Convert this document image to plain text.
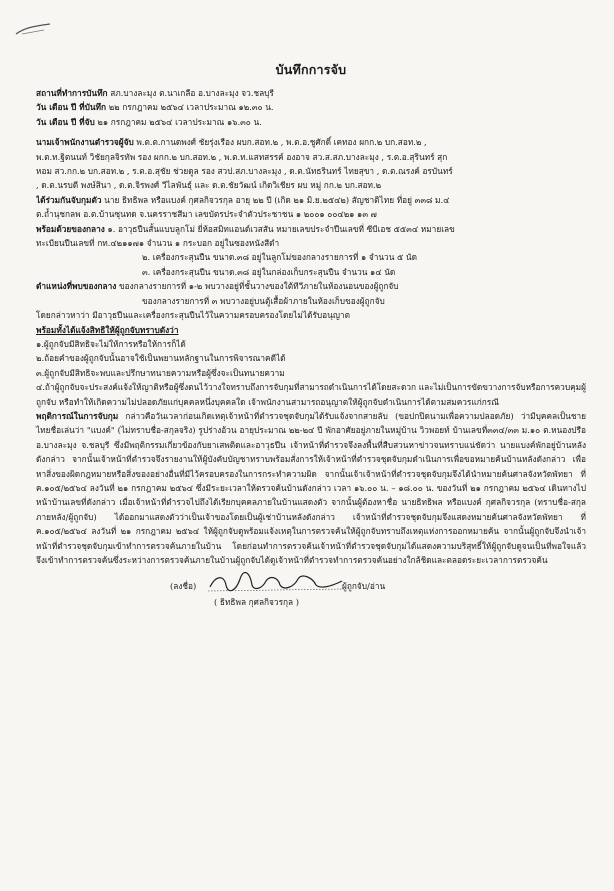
บันทึกการจับ
สถานที่ทำการบันทึก สภ.บางละมุง ต.นาเกลือ อ.บางละมุง จว.ชลบุรี
วัน เดือน ปี ที่บันทึก ๒๒ กรกฎาคม ๒๕๖๔ เวลาประมาณ ๑๒.๓๐ น.
วัน เดือน ปี ที่จับ ๒๑ กรกฎาคม ๒๕๖๔ เวลาประมาณ ๑๖.๓๐ น.
นามเจ้าพนักงานตำรวจผู้จับ พ.ต.ต.กานดพงศ์ ชัยรุ่งเรือง ผบก.สอท.๒ , พ.ต.อ.ชูศักดิ์ เคทอง ผกก.๒ บก.สอท.๒ ,
พ.ต.ท.ฐิตนนท์ วิชัยกุลจิรทัพ รอง ผกก.๒ บก.สอท.๒ , พ.ต.ท.แสทสรรค์ องอาจ สว.ส.สภ.บางละมุง , ร.ต.อ.สุรินทร์ สุก
หอม สว.กก.๒ บก.สอท.๒ , ร.ต.อ.สุชัย ช่วยดูล รอง สวป.สภ.บางละมุง , ด.ต.นัทธรินทร์ ไทยสุขา , ด.ต.ณรงค์ อรบันทร์
, ด.ต.นรบดี พงษ์สินา , ด.ต.จิรพงศ์ วีไลพันธุ์ และ ด.ต.ชัยวัฒน์ เกิดวิเชียร ผบ หมู่ กก.๒ บก.สอท.๒
ได้ร่วมกันจับกุมตัว นาย ธิทธิพล หรือแบงค์ กุศลกิจวรกุล อายุ ๒๒ ปี (เกิด ๒๑ มิ.ย.๒๕๔๒) สัญชาติไทย ที่อยู่ ๓๓๘ ม.๔
ต.ถ้ำนุชกลพ อ.ต.บ้านซุนทด จ.นครราชสีมา เลขบัตรประจำตัวประชาชน ๑ ๒๐๐๑ ๐๐๔๒๑ ๑๓ ๗
พร้อมด้วยของกลาง ๑. อาวุธปืนสั้นแบบลูกโม่ ยี่ห้อสมิทแอนด์เวสสัน หมายเลขประจำปืนเลขที่ ซีบีเอช ๕๕๓๔ หมายเลข
ทะเบียนปืนเลขที่ กท.๔๒๑๑๗๑ จำนวน ๑ กระบอก อยู่ในซองหนังสีดำ
๒. เครื่องกระสุนปืน ขนาด.๓๘ อยู่ในลูกโม่ของกลางรายการที่ ๑ จำนวน ๕ นัด
๓. เครื่องกระสุนปืน ขนาด.๓๘ อยู่ในกล่องเก็บกระสุนปืน จำนวน ๑๔ นัด
ตำแหน่งที่พบของกลาง ของกลางรายการที่ ๑-๒ พบวางอยู่ที่ชั้นวางของใต้ทีวีภายในห้องนอนของผู้ถูกจับ
ของกลางรายการที่ ๓ พบวางอยู่บนตู้เสื้อผ้าภายในห้องเก็บของผู้ถูกจับ
โดยกล่าวหาว่า มีอาวุธปืนและเครื่องกระสุนปืนไว้ในความครอบครองโดยไม่ได้รับอนุญาต
พร้อมทั้งได้แจ้งสิทธิให้ผู้ถูกจับทราบดังว่า
๑.ผู้ถูกจับมีสิทธิจะไม่ให้การหรือให้การก็ได้
๒.ถ้อยคำของผู้ถูกจับนั้นอาจใช้เป็นพยานหลักฐานในการพิจารณาคดีได้
๓.ผู้ถูกจับมีสิทธิจะพบและปรึกษาทนายความหรือผู้ซึ่งจะเป็นทนายความ
๔.ถ้าผู้ถูกจับจะประสงค์แจ้งให้ญาติหรือผู้ซึ่งตนไว้วางใจทราบถึงการจับกุมที่สามารถดำเนินการได้โดยสะดวก และไม่เป็นการขัดขวางการจับหรือการควบคุมผู้ถูกจับ หรือทำให้เกิดความไม่ปลอดภัยแก่บุคคลหนึ่งบุคคลใด เจ้าพนักงานสามารถอนุญาตให้ผู้ถูกจับดำเนินการได้ตามสมควรแก่กรณี
พฤติการณ์ในการจับกุม กล่าวคือวันเวลาก่อนเกิดเหตุเจ้าหน้าที่ตำรวจชุดจับกุมได้รับแจ้งจากสายลับ (ขอปกปิดนามเพื่อความปลอดภัย) ว่ามีบุคคลเป็นชายไทยชื่อเล่นว่า "แบงค์" (ไม่ทราบชื่อ-สกุลจริง) รูปร่างอ้วน อายุประมาณ ๒๒-๒๔ ปี พักอาศัยอยู่ภายในหมู่บ้าน วิวพอยท์ บ้านเลขที่๓๓๔/๓๓ ม.๑๐ ต.หนองปรือ อ.บางละมุง จ.ชลบุรี ซึ่งมีพฤติกรรมเกี่ยวข้องกับยาเสพติดและอาวุธปืน เจ้าหน้าที่ตำรวจจึงลงพื้นที่สืบสวนหาข่าวจนทราบแน่ชัดว่า นายแบงค์พักอยู่บ้านหลังดังกล่าว จากนั้นเจ้าหน้าที่ตำรวจจึงรายงานให้ผู้บังคับบัญชาทราบพร้อมสั่งการให้เจ้าหน้าที่ตำรวจชุดจับกุมดำเนินการเพื่อขอหมายค้นบ้านหลังดังกล่าว เพื่อหาสิ่งของผิดกฎหมายหรือสิ่งของอย่างอื่นที่มีไว้ครอบครองในการกระทำความผิด จากนั้นเจ้าเจ้าหน้าที่ตำรวจชุดจับกุมจึงได้นำหมายค้นศาลจังหวัดพัทยา ที่ ค.๑๐๕/๒๕๖๔ ลงวันที่ ๒๑ กรกฎาคม ๒๕๖๔ ซึ่งมีระยะเวลาให้ตรวจค้นบ้านดังกล่าว เวลา ๑๖.๐๐ น. – ๑๘.๐๐ น. ของวันที่ ๒๑ กรกฎาคม ๒๕๖๔ เดินทางไปหน้าบ้านเลขที่ดังกล่าว เมื่อเจ้าหน้าที่ตำรวจไปถึงได้เรียกบุคคลภายในบ้านแสดงตัว จากนั้นผู้ต้องหาชื่อ นายธิทธิพล หรือแบงค์ กุศลกิจวรกุล (ทราบชื่อ-สกุลภายหลัง/ผู้ถูกจับ) ได้ออกมาแสดงตัวว่าเป็นเจ้าของโดยเป็นผู้เช่าบ้านหลังดังกล่าว เจ้าหน้าที่ตำรวจชุดจับกุมจึงแสดงหมายค้นศาลจังหวัดพัทยา ที่ ค.๑๐๕/๒๕๖๔ ลงวันที่ ๒๑ กรกฎาคม ๒๕๖๔ ให้ผู้ถูกจับดูพร้อมแจ้งเหตุในการตรวจค้นให้ผู้ถูกจับทราบถึงเหตุแห่งการออกหมายค้น จากนั้นผู้ถูกจับจึงนำเจ้าหน้าที่ตำรวจชุดจับกุมเข้าทำการตรวจค้นภายในบ้าน โดยก่อนทำการตรวจค้นเจ้าหน้าที่ตำรวจชุดจับกุมได้แสดงความบริสุทธิ์ให้ผู้ถูกจับดูจนเป็นที่พอใจแล้ว จึงเข้าทำการตรวจค้นซึ่งระหว่างการตรวจค้นภายในบ้านผู้ถูกจับได้ดูเจ้าหน้าที่ตำรวจทำการตรวจค้นอย่างใกล้ชิดและตลอดระยะเวลาการตรวจค้น
(ลงชื่อ)	ผู้ถูกจับ/อ่าน
( ธิทธิพล กุศลกิจวรกุล )
